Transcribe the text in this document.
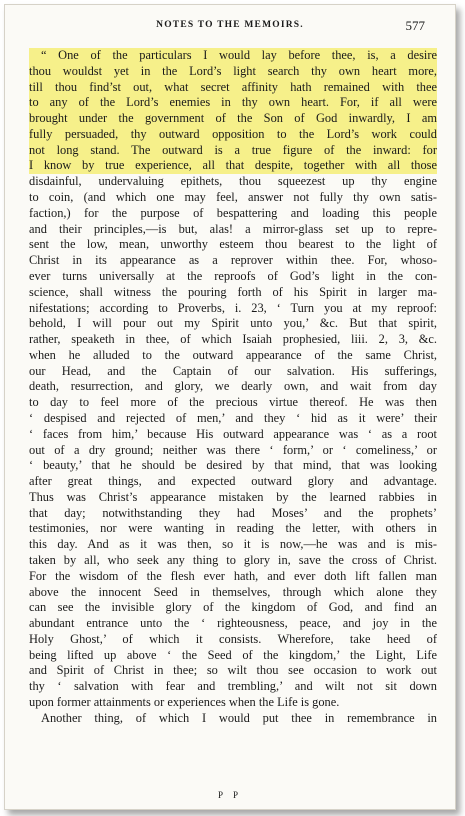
NOTES TO THE MEMOIRS.	577
“ One of the particulars I would lay before thee, is, a desire
thou wouldst yet in the Lord’s light search thy own heart more,
till thou find’st out, what secret affinity hath remained with thee
to any of the Lord’s enemies in thy own heart. For, if all were
brought under the government of the Son of God inwardly, I am
fully persuaded, thy outward opposition to the Lord’s work could
not long stand. The outward is a true figure of the inward: for
I know by true experience, all that despite, together with all those
disdainful, undervaluing epithets, thou squeezest up thy engine
to coin, (and which one may feel, answer not fully thy own satis-
faction,) for the purpose of bespattering and loading this people
and their principles,—is but, alas! a mirror-glass set up to repre-
sent the low, mean, unworthy esteem thou bearest to the light of
Christ in its appearance as a reprover within thee. For, whoso-
ever turns universally at the reproofs of God’s light in the con-
science, shall witness the pouring forth of his Spirit in larger ma-
nifestations; according to Proverbs, i. 23, ‘ Turn you at my reproof:
behold, I will pour out my Spirit unto you,’ &c. But that spirit,
rather, speaketh in thee, of which Isaiah prophesied, liii. 2, 3, &c.
when he alluded to the outward appearance of the same Christ,
our Head, and the Captain of our salvation. His sufferings,
death, resurrection, and glory, we dearly own, and wait from day
to day to feel more of the precious virtue thereof. He was then
‘ despised and rejected of men,’ and they ‘ hid as it were’ their
‘ faces from him,’ because His outward appearance was ‘ as a root
out of a dry ground; neither was there ‘ form,’ or ‘ comeliness,’ or
‘ beauty,’ that he should be desired by that mind, that was looking
after great things, and expected outward glory and advantage.
Thus was Christ’s appearance mistaken by the learned rabbies in
that day; notwithstanding they had Moses’ and the prophets’
testimonies, nor were wanting in reading the letter, with others in
this day. And as it was then, so it is now,—he was and is mis-
taken by all, who seek any thing to glory in, save the cross of Christ.
For the wisdom of the flesh ever hath, and ever doth lift fallen man
above the innocent Seed in themselves, through which alone they
can see the invisible glory of the kingdom of God, and find an
abundant entrance unto the ‘ righteousness, peace, and joy in the
Holy Ghost,’ of which it consists. Wherefore, take heed of
being lifted up above ‘ the Seed of the kingdom,’ the Light, Life
and Spirit of Christ in thee; so wilt thou see occasion to work out
thy ‘ salvation with fear and trembling,’ and wilt not sit down
upon former attainments or experiences when the Life is gone.
Another thing, of which I would put thee in remembrance in
P P
